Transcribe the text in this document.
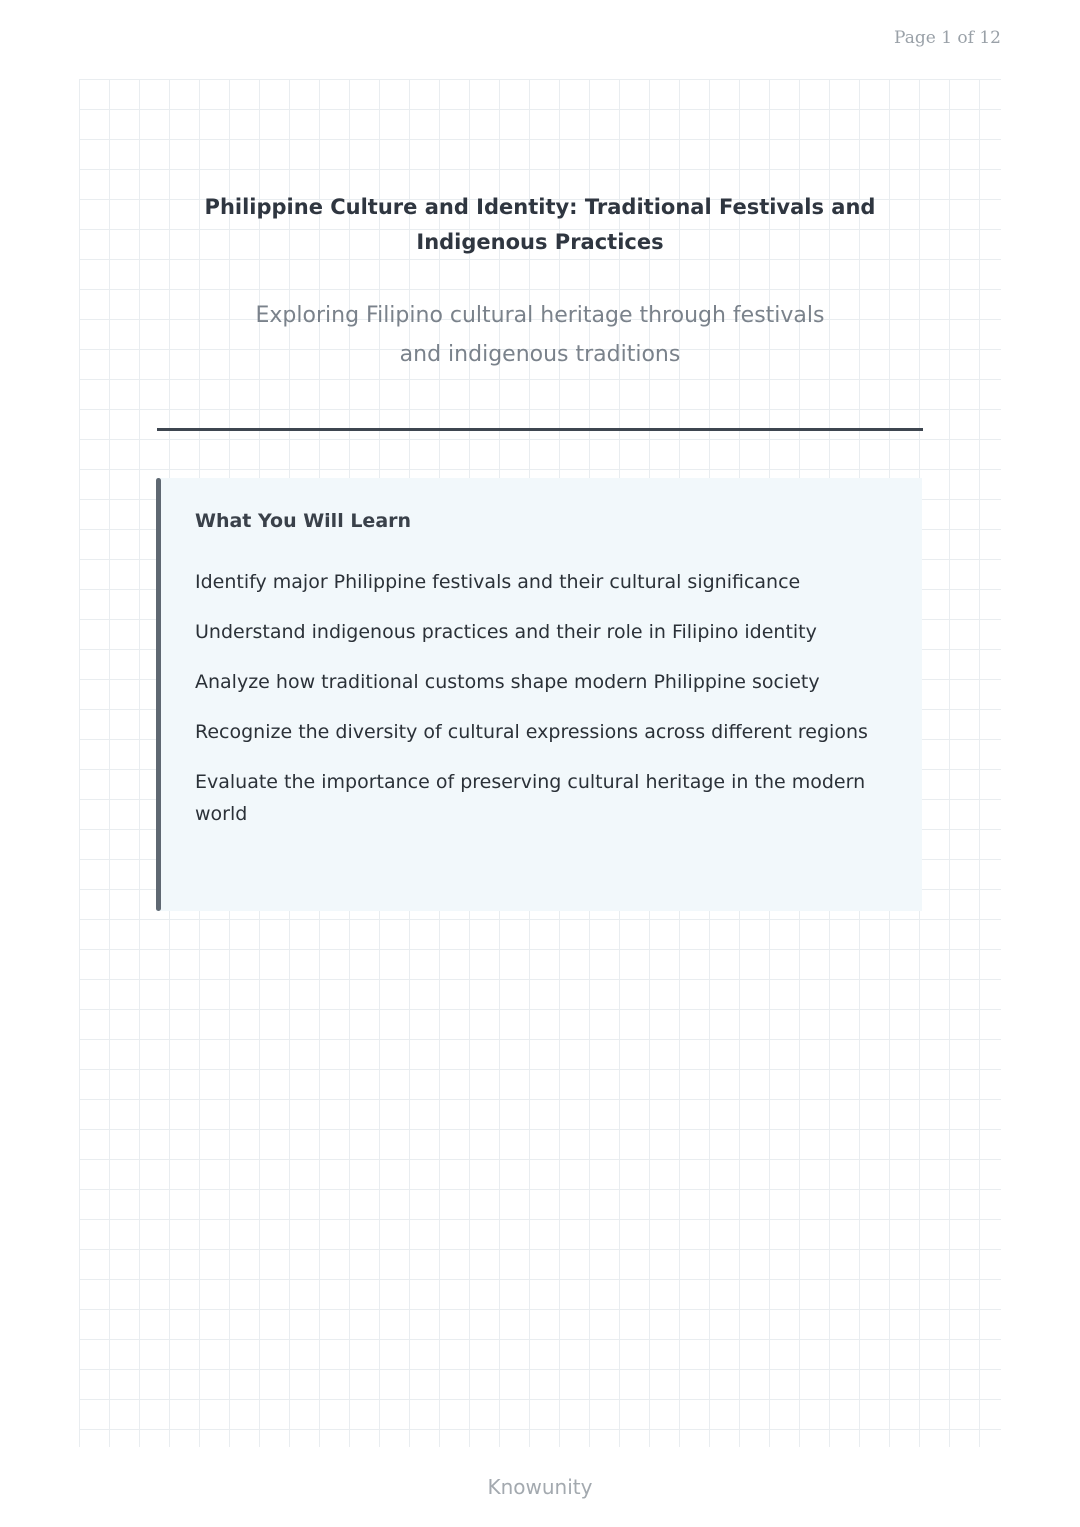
Page 1 of 12
Philippine Culture and Identity: Traditional Festivals and Indigenous Practices

Exploring Filipino cultural heritage through festivals and indigenous traditions

What You Will Learn
Identify major Philippine festivals and their cultural significance
Understand indigenous practices and their role in Filipino identity
Analyze how traditional customs shape modern Philippine society
Recognize the diversity of cultural expressions across different regions
Evaluate the importance of preserving cultural heritage in the modern world
Knowunity
